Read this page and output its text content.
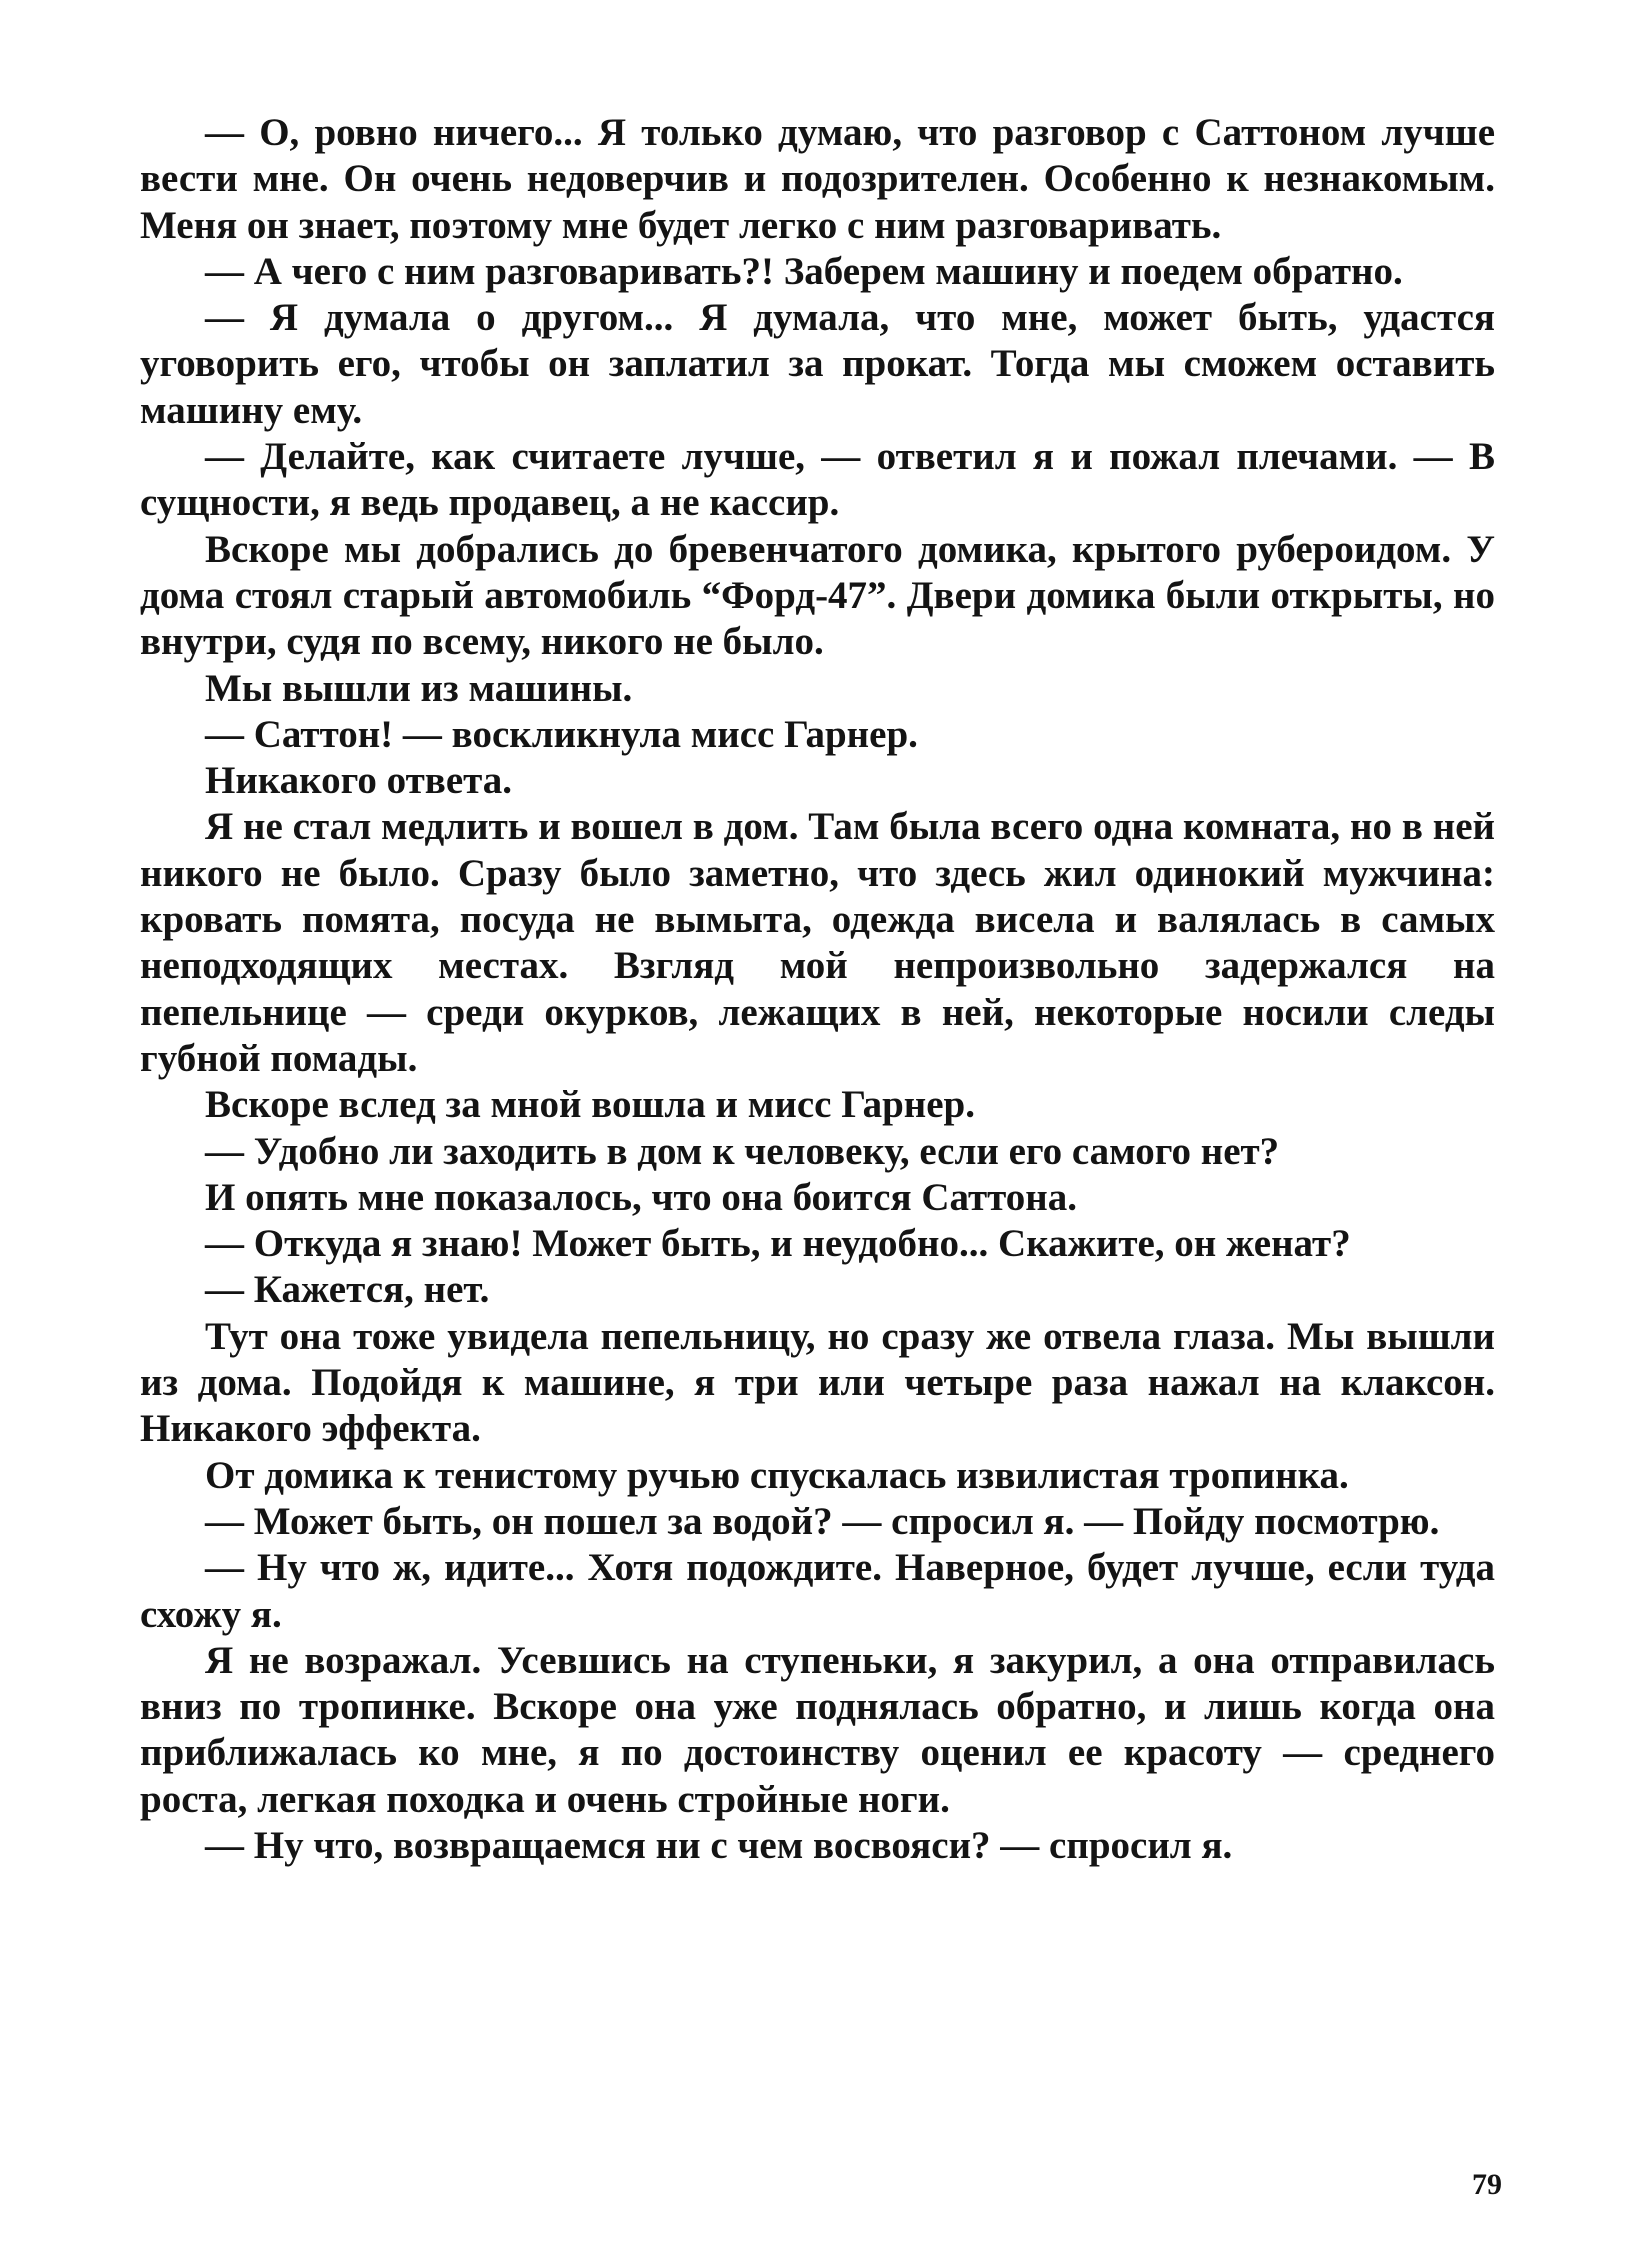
— О, ровно ничего... Я только думаю, что разговор с Саттоном лучше вести мне. Он очень недоверчив и подозрителен. Особенно к незнакомым. Меня он знает, поэтому мне будет легко с ним разговаривать.

— А чего с ним разговаривать?! Заберем машину и поедем обратно.

— Я думала о другом... Я думала, что мне, может быть, удастся уговорить его, чтобы он заплатил за прокат. Тогда мы сможем оставить машину ему.

— Делайте, как считаете лучше, — ответил я и пожал плечами. — В сущности, я ведь продавец, а не кассир.

Вскоре мы добрались до бревенчатого домика, крытого рубероидом. У дома стоял старый автомобиль “Форд-47”. Двери домика были открыты, но внутри, судя по всему, никого не было.

Мы вышли из машины.

— Саттон! — воскликнула мисс Гарнер.

Никакого ответа.

Я не стал медлить и вошел в дом. Там была всего одна комната, но в ней никого не было. Сразу было заметно, что здесь жил одинокий мужчина: кровать помята, посуда не вымыта, одежда висела и валялась в самых неподходящих местах. Взгляд мой непроизвольно задержался на пепельнице — среди окурков, лежащих в ней, некоторые носили следы губной помады.

Вскоре вслед за мной вошла и мисс Гарнер.

— Удобно ли заходить в дом к человеку, если его самого нет?

И опять мне показалось, что она боится Саттона.

— Откуда я знаю! Может быть, и неудобно... Скажите, он женат?

— Кажется, нет.

Тут она тоже увидела пепельницу, но сразу же отвела глаза. Мы вышли из дома. Подойдя к машине, я три или четыре раза нажал на клаксон. Никакого эффекта.

От домика к тенистому ручью спускалась извилистая тропинка.

— Может быть, он пошел за водой? — спросил я. — Пойду посмотрю.

— Ну что ж, идите... Хотя подождите. Наверное, будет лучше, если туда схожу я.

Я не возражал. Усевшись на ступеньки, я закурил, а она отправилась вниз по тропинке. Вскоре она уже поднялась обратно, и лишь когда она приближалась ко мне, я по достоинству оценил ее красоту — среднего роста, легкая походка и очень стройные ноги.

— Ну что, возвращаемся ни с чем восвояси? — спросил я.

79
